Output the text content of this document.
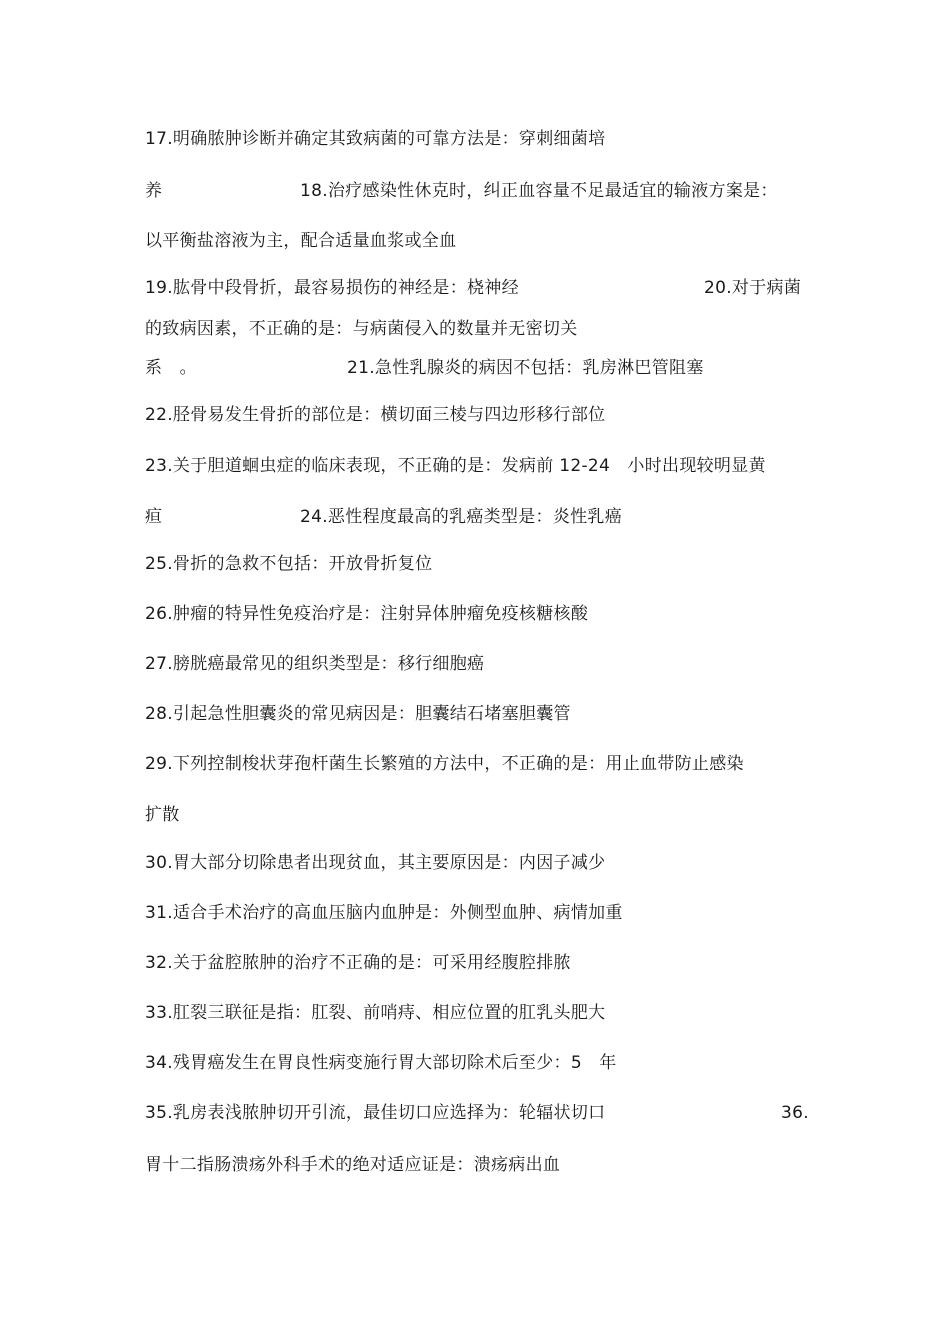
17.明确脓肿诊断并确定其致病菌的可靠方法是：穿刺细菌培
养	18.治疗感染性休克时，纠正血容量不足最适宜的输液方案是：
以平衡盐溶液为主，配合适量血浆或全血
19.肱骨中段骨折，最容易损伤的神经是：桡神经	20.对于病菌
的致病因素，不正确的是：与病菌侵入的数量并无密切关
系　。	21.急性乳腺炎的病因不包括：乳房淋巴管阻塞
22.胫骨易发生骨折的部位是：横切面三棱与四边形移行部位
23.关于胆道蛔虫症的临床表现，不正确的是：发病前 12-24　小时出现较明显黄
疸	24.恶性程度最高的乳癌类型是：炎性乳癌
25.骨折的急救不包括：开放骨折复位
26.肿瘤的特异性免疫治疗是：注射异体肿瘤免疫核糖核酸
27.膀胱癌最常见的组织类型是：移行细胞癌
28.引起急性胆囊炎的常见病因是：胆囊结石堵塞胆囊管
29.下列控制梭状芽孢杆菌生长繁殖的方法中，不正确的是：用止血带防止感染
扩散
30.胃大部分切除患者出现贫血，其主要原因是：内因子减少
31.适合手术治疗的高血压脑内血肿是：外侧型血肿、病情加重
32.关于盆腔脓肿的治疗不正确的是：可采用经腹腔排脓
33.肛裂三联征是指：肛裂、前哨痔、相应位置的肛乳头肥大
34.残胃癌发生在胃良性病变施行胃大部切除术后至少：5　年
35.乳房表浅脓肿切开引流，最佳切口应选择为：轮辐状切口	36.
胃十二指肠溃疡外科手术的绝对适应证是：溃疡病出血
